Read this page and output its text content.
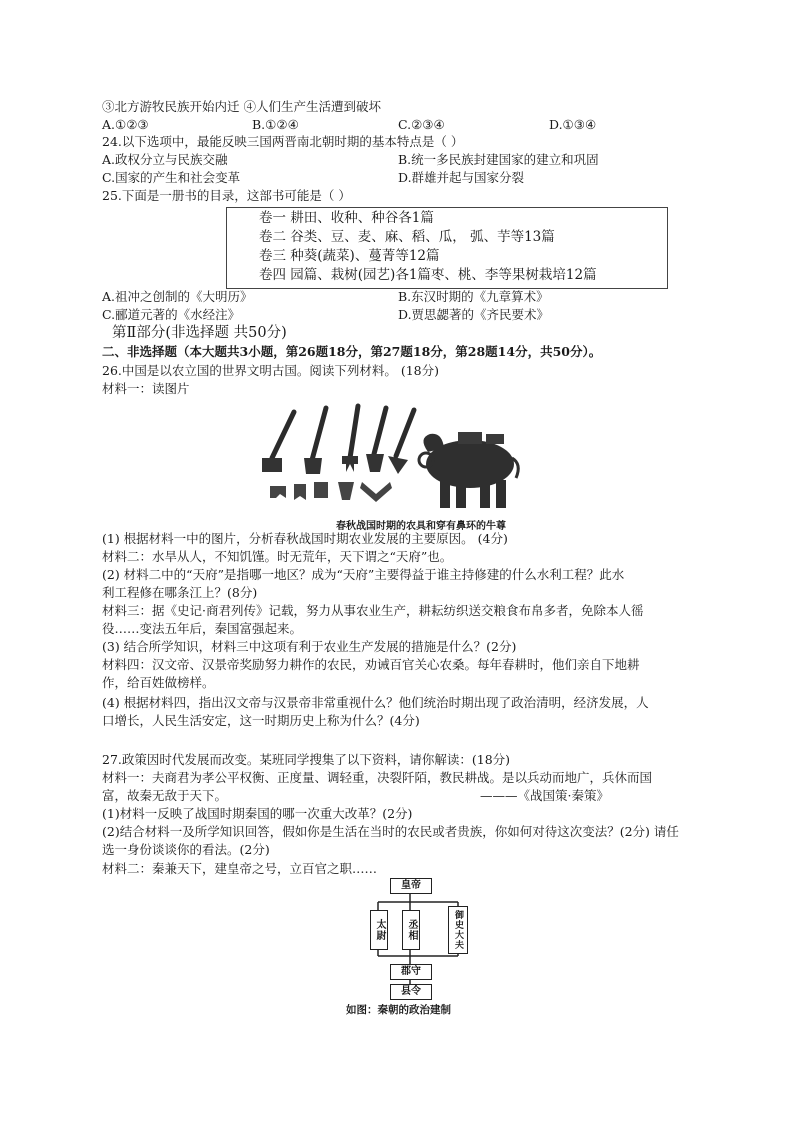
③北方游牧民族开始内迁 ④人们生产生活遭到破坏
A.①②③	B.①②④	C.②③④	D.①③④
24.以下选项中，最能反映三国两晋南北朝时期的基本特点是（ ）
A.政权分立与民族交融	B.统一多民族封建国家的建立和巩固
C.国家的产生和社会变革	D.群雄并起与国家分裂
25.下面是一册书的目录，这部书可能是（ ）
卷一 耕田、收种、种谷各1篇
卷二 谷类、豆、麦、麻、稻、瓜， 弧、芋等13篇
卷三 种葵(蔬菜)、蔓菁等12篇
卷四 园篇、栽树(园艺)各1篇枣、桃、李等果树栽培12篇
A.祖冲之创制的《大明历》	B.东汉时期的《九章算术》
C.郦道元著的《水经注》	D.贾思勰著的《齐民要术》
第Ⅱ部分(非选择题 共50分)
二、非选择题（本大题共3小题，第26题18分，第27题18分，第28题14分，共50分）。
26.中国是以农立国的世界文明古国。阅读下列材料。 (18分)
材料一：读图片
春秋战国时期的农具和穿有鼻环的牛尊
(1) 根据材料一中的图片，分析春秋战国时期农业发展的主要原因。 (4分)
材料二：水旱从人，不知饥馑。时无荒年，天下谓之“天府”也。
(2) 材料二中的“天府”是指哪一地区？成为“天府”主要得益于谁主持修建的什么水利工程？此水
利工程修在哪条江上？(8分)
材料三：据《史记·商君列传》记载，努力从事农业生产，耕耘纺织送交粮食布帛多者，免除本人徭
役……变法五年后，秦国富强起来。
(3) 结合所学知识，材料三中这项有利于农业生产发展的措施是什么？(2分)
材料四：汉文帝、汉景帝奖励努力耕作的农民，劝诫百官关心农桑。每年春耕时，他们亲自下地耕
作，给百姓做榜样。
(4) 根据材料四，指出汉文帝与汉景帝非常重视什么？他们统治时期出现了政治清明，经济发展，人
口增长，人民生活安定，这一时期历史上称为什么？(4分)
27.政策因时代发展而改变。某班同学搜集了以下资料，请你解读：(18分)
材料一：夫商君为孝公平权衡、正度量、调轻重，决裂阡陌，教民耕战。是以兵动而地广，兵休而国
富，故秦无敌于天下。	———《战国策·秦策》
(1)材料一反映了战国时期秦国的哪一次重大改革？(2分)
(2)结合材料一及所学知识回答，假如你是生活在当时的农民或者贵族，你如何对待这次变法？(2分) 请任
选一身份谈谈你的看法。(2分)
材料二：秦兼天下，建皇帝之号，立百官之职……
皇帝
太尉	丞相	御史大夫
郡守
县令
如图：秦朝的政治建制
